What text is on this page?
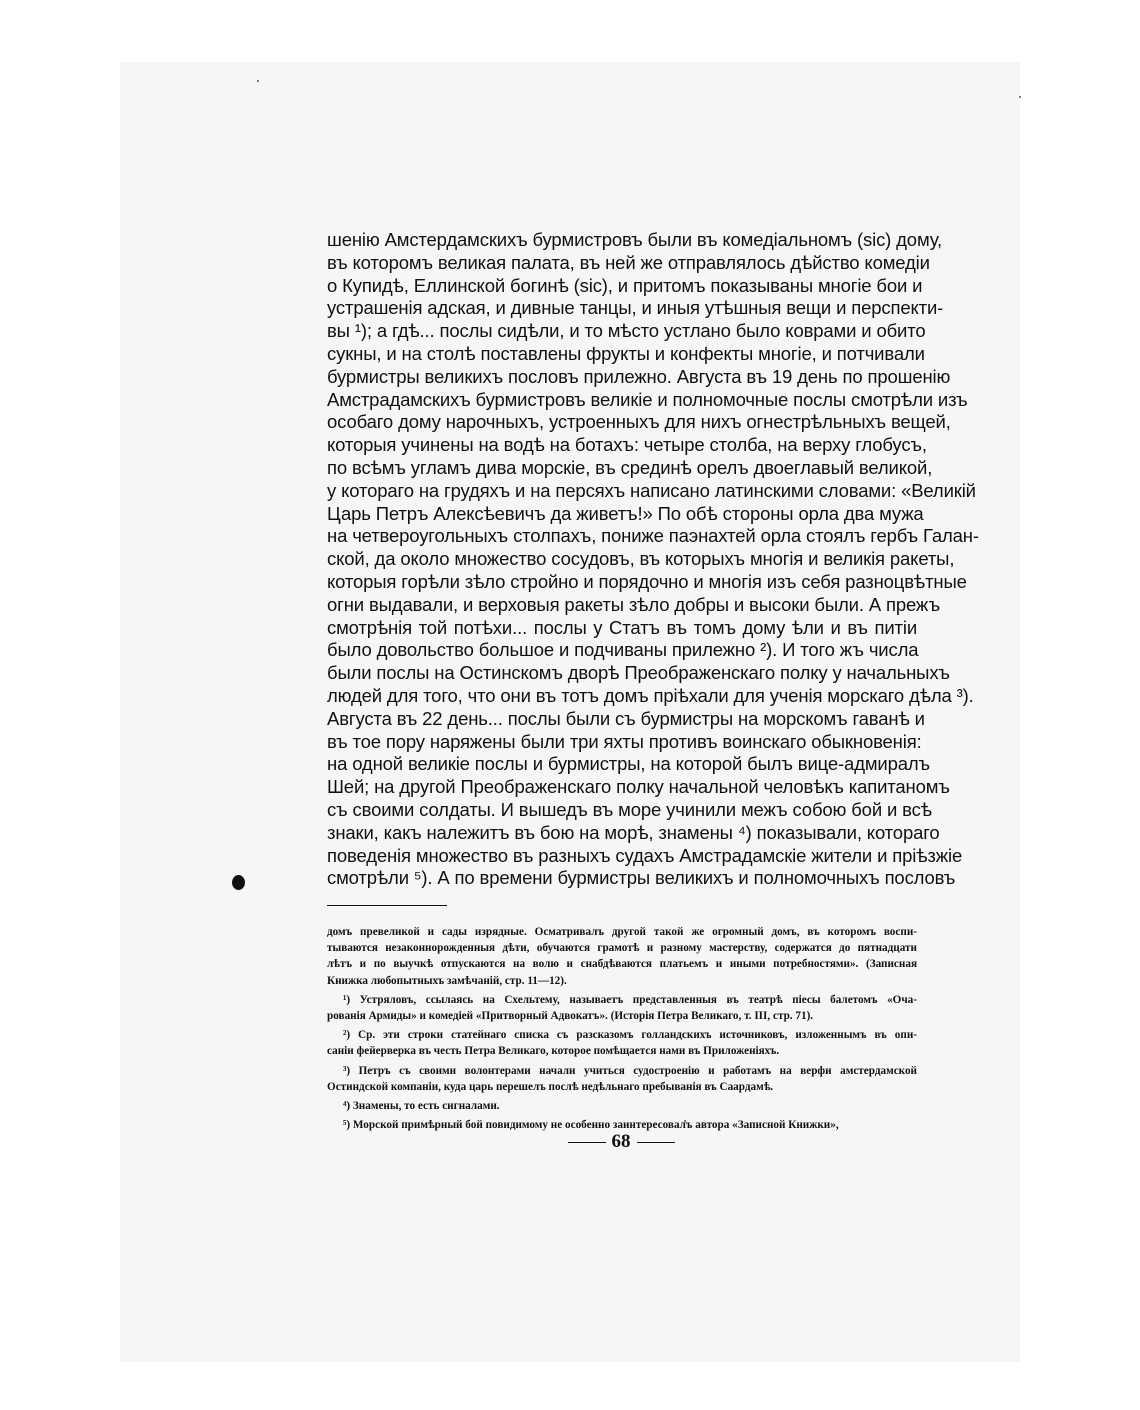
шенію Амстердамскихъ бурмистровъ были въ комедіальномъ (sic) дому,
въ которомъ великая палата, въ ней же отправлялось дѣйство комедіи
о Купидѣ, Еллинской богинѣ (sic), и притомъ показываны многіе бои и
устрашенія адская, и дивные танцы, и иныя утѣшныя вещи и перспекти-
вы ¹); а гдѣ... послы сидѣли, и то мѣсто устлано было коврами и обито
сукны, и на столѣ поставлены фрукты и конфекты многіе, и потчивали
бурмистры великихъ пословъ прилежно. Августа въ 19 день по прошенію
Амстрадамскихъ бурмистровъ великіе и полномочные послы смотрѣли изъ
особаго дому нарочныхъ, устроенныхъ для нихъ огнестрѣльныхъ вещей,
которыя учинены на водѣ на ботахъ: четыре столба, на верху глобусъ,
по всѣмъ угламъ дива морскіе, въ срединѣ орелъ двоеглавый великой,
у котораго на грудяхъ и на персяхъ написано латинскими словами: «Великій
Царь Петръ Алексѣевичъ да живетъ!» По обѣ стороны орла два мужа
на четвероугольныхъ столпахъ, пониже паэнахтей орла стоялъ гербъ Галан-
ской, да около множество сосудовъ, въ которыхъ многія и великія ракеты,
которыя горѣли зѣло стройно и порядочно и многія изъ себя разноцвѣтные
огни выдавали, и верховыя ракеты зѣло добры и высоки были. А прежъ
смотрѣнія той потѣхи... послы у Статъ въ томъ дому ѣли и въ питіи
было довольство большое и подчиваны прилежно ²). И того жъ числа
были послы на Остинскомъ дворѣ Преображенскаго полку у начальныхъ
людей для того, что они въ тотъ домъ пріѣхали для ученія морскаго дѣла ³).
Августа въ 22 день... послы были съ бурмистры на морскомъ гаванѣ и
въ тое пору наряжены были три яхты противъ воинскаго обыкновенія:
на одной великіе послы и бурмистры, на которой былъ вице-адмиралъ
Шей; на другой Преображенскаго полку начальной человѣкъ капитаномъ
съ своими солдаты. И вышедъ въ море учинили межъ собою бой и всѣ
знаки, какъ належитъ въ бою на морѣ, знамены ⁴) показывали, котораго
поведенія множество въ разныхъ судахъ Амстрадамскіе жители и пріѣзжіе
смотрѣли ⁵). А по времени бурмистры великихъ и полномочныхъ пословъ
домъ превеликой и сады изрядные. Осматривалъ другой такой же огромный домъ, въ которомъ воспи-
тываются незаконнорожденныя дѣти, обучаются грамотѣ и разному мастерству, содержатся до пятнадцати
лѣтъ и по выучкѣ отпускаются на волю и снабдѣваются платьемъ и иными потребностями». (Записная
Книжка любопытныхъ замѣчаній, стр. 11—12).
¹) Устряловъ, ссылаясь на Схельтему, называетъ представленныя въ театрѣ пiесы балетомъ «Оча-
рованія Армиды» и комедіей «Притворный Адвокатъ». (Исторія Петра Великаго, т. III, стр. 71).
²) Ср. эти строки статейнаго списка съ разсказомъ голландскихъ источниковъ, изложеннымъ въ опи-
саніи фейерверка въ честь Петра Великаго, которое помѣщается нами въ Приложеніяхъ.
³) Петръ съ своими волонтерами начали учиться судостроенію и работамъ на верфи амстердамской
Остиндской компаніи, куда царь перешелъ послѣ недѣльнаго пребыванія въ Саардамѣ.
⁴) Знамены, то есть сигналами.
⁵) Морской примѣрный бой повидимому не особенно заинтересовалъ автора «Записной Книжки»,
68
